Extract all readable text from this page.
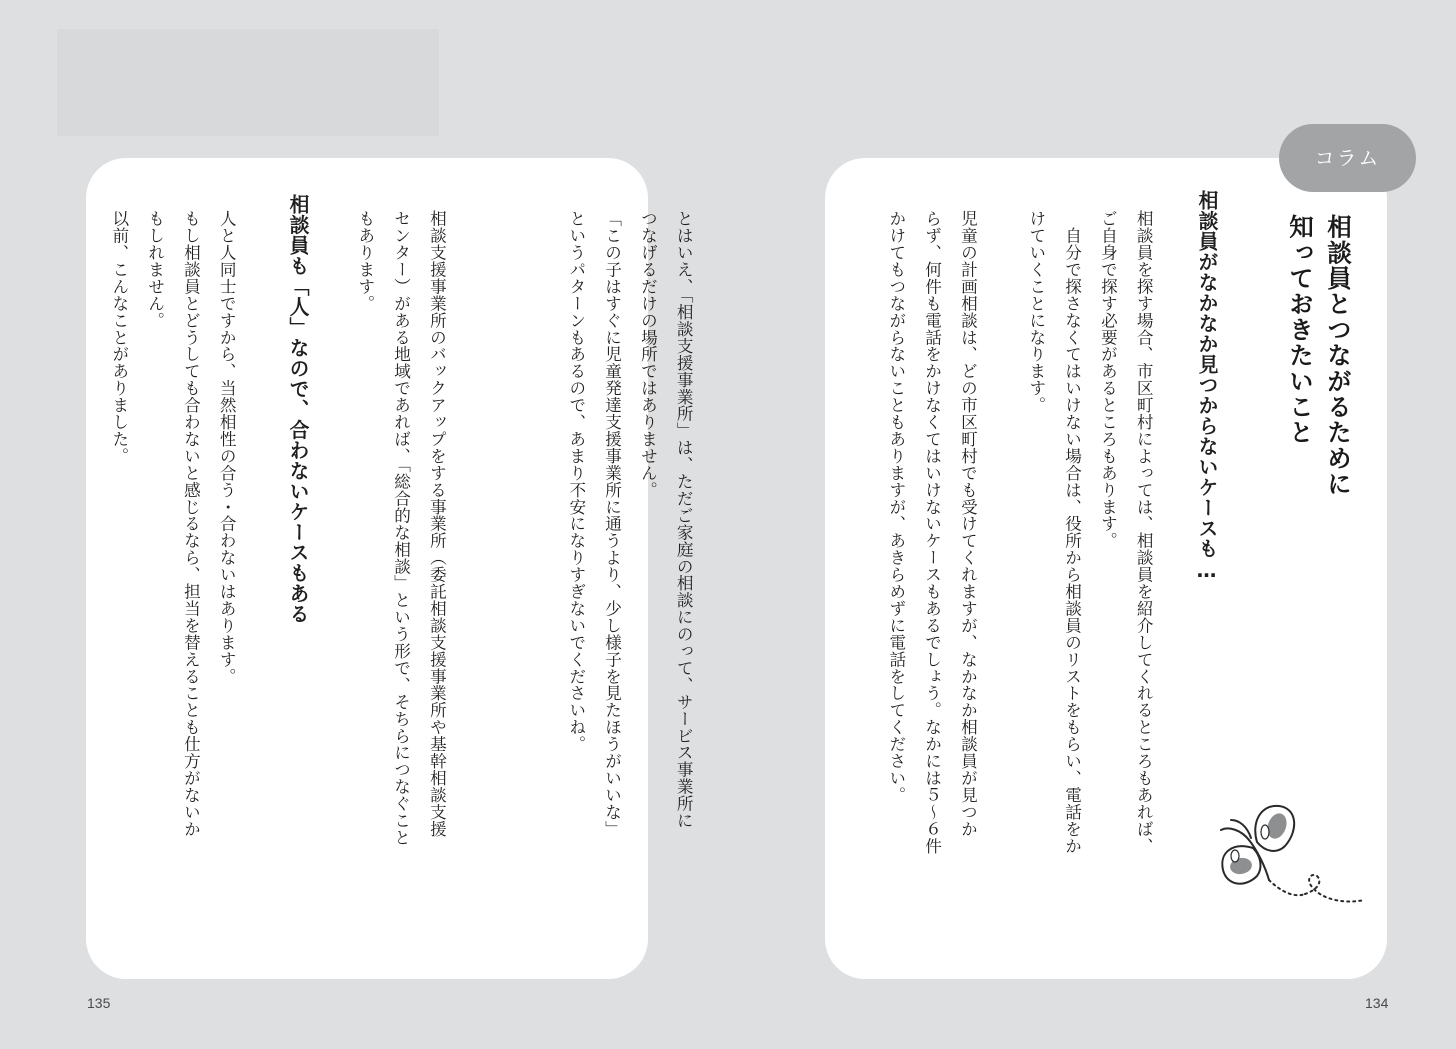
とはいえ、「相談支援事業所」は、ただご家庭の相談にのって、サービス事業所に
つなげるだけの場所ではありません。
「この子はすぐに児童発達支援事業所に通うより、少し様子を見たほうがいいな」
というパターンもあるので、あまり不安になりすぎないでくださいね。
相談支援事業所のバックアップをする事業所（委託相談支援事業所や基幹相談支援
センター）がある地域であれば、「総合的な相談」という形で、そちらにつなぐこと
もあります。
相談員も「人」なので、合わないケースもある
人と人同士ですから、当然相性の合う・合わないはあります。
もし相談員とどうしても合わないと感じるなら、担当を替えることも仕方がないか
もしれません。
以前、こんなことがありました。	相談員とつながるために
知っておきたいこと
相談員がなかなか見つからないケースも…
相談員を探す場合、市区町村によっては、相談員を紹介してくれるところもあれば、
ご自身で探す必要があるところもあります。
　自分で探さなくてはいけない場合は、役所から相談員のリストをもらい、電話をか
けていくことになります。
児童の計画相談は、どの市区町村でも受けてくれますが、なかなか相談員が見つか
らず、何件も電話をかけなくてはいけないケースもあるでしょう。なかには５～６件
かけてもつながらないこともありますが、あきらめずに電話をしてください。
コラム
135	134
